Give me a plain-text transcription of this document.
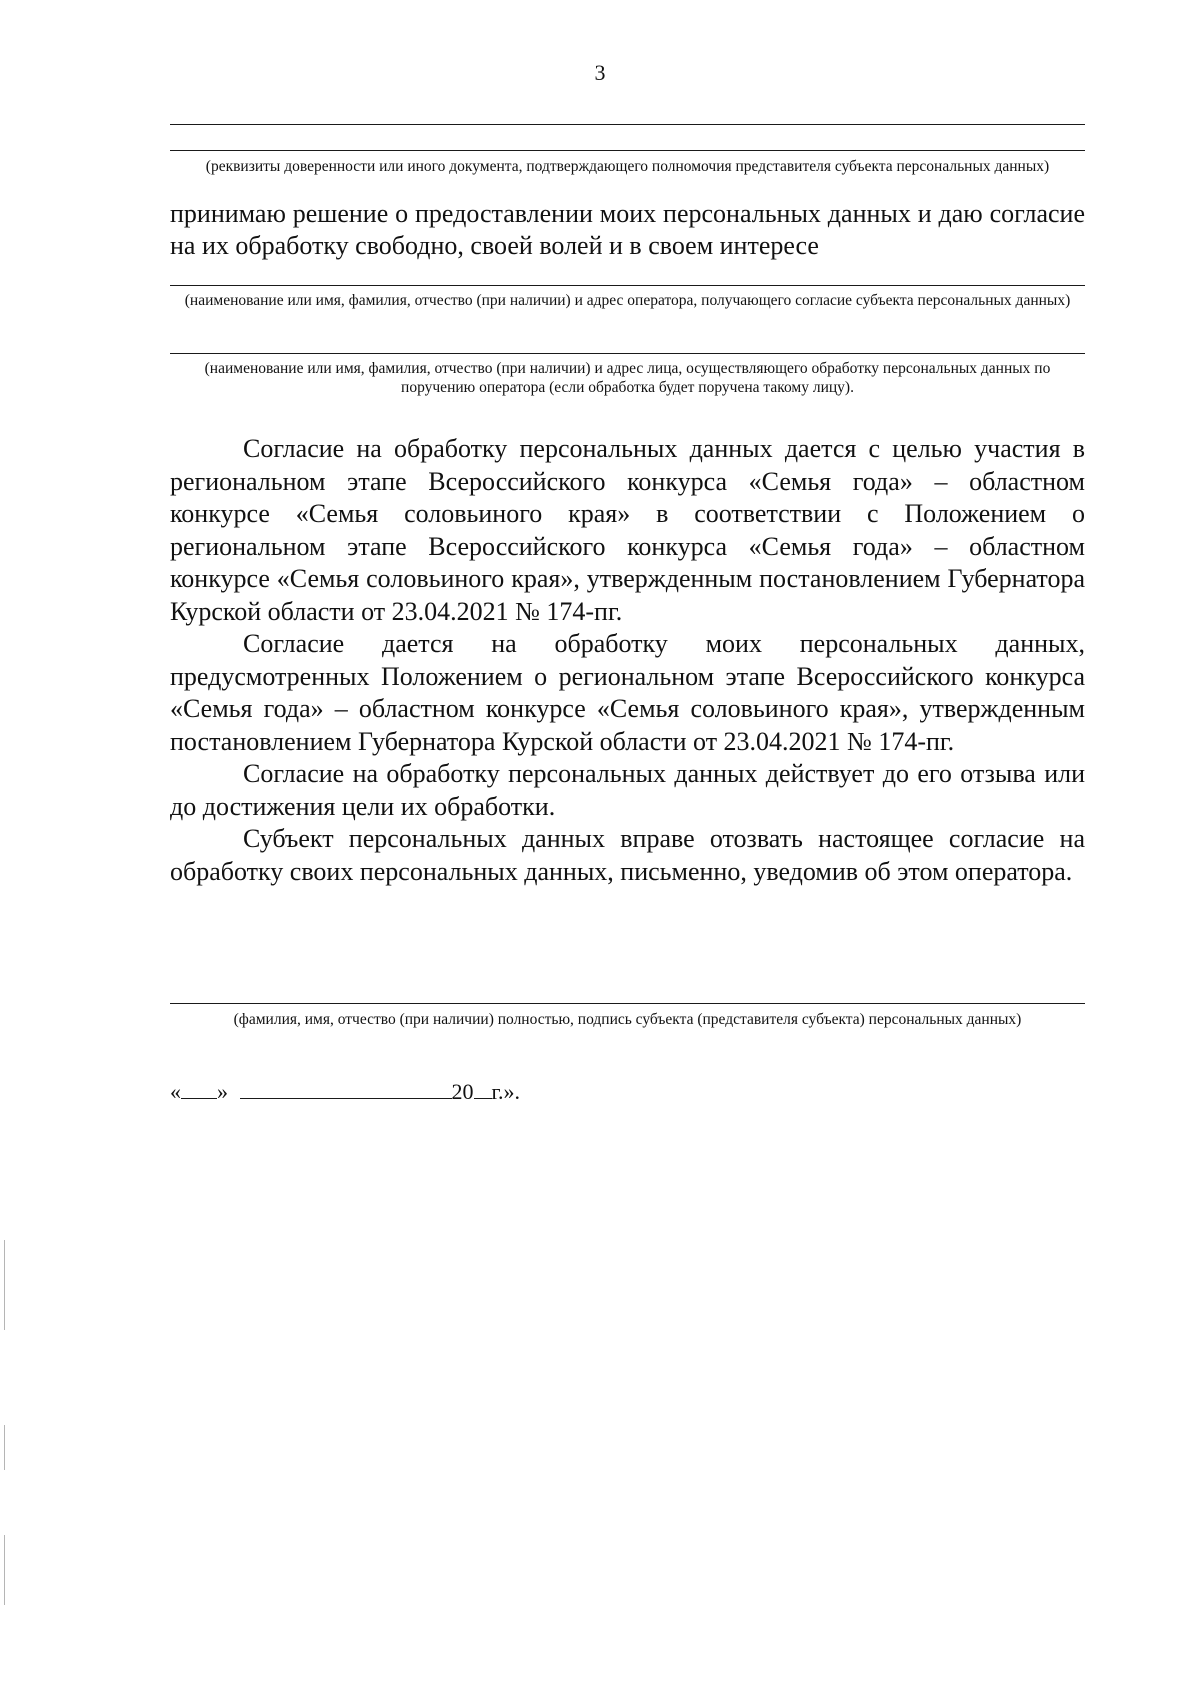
3
(реквизиты доверенности или иного документа, подтверждающего полномочия представителя субъекта персональных данных)
принимаю решение о предоставлении моих персональных данных и даю согласие на их обработку свободно, своей волей и в своем интересе
(наименование или имя, фамилия, отчество (при наличии) и адрес оператора, получающего согласие субъекта персональных данных)
(наименование или имя, фамилия, отчество (при наличии) и адрес лица, осуществляющего обработку персональных данных по поручению оператора (если обработка будет поручена такому лицу).

Согласие на обработку персональных данных дается с целью участия в региональном этапе Всероссийского конкурса «Семья года» – областном конкурсе «Семья соловьиного края» в соответствии с Положением о региональном этапе Всероссийского конкурса «Семья года» – областном конкурсе «Семья соловьиного края», утвержденным постановлением Губернатора Курской области от 23.04.2021 № 174-пг.

Согласие дается на обработку моих персональных данных, предусмотренных Положением о региональном этапе Всероссийского конкурса «Семья года» – областном конкурсе «Семья соловьиного края», утвержденным постановлением Губернатора Курской области от 23.04.2021 № 174-пг.

Согласие на обработку персональных данных действует до его отзыва или до достижения цели их обработки.

Субъект персональных данных вправе отозвать настоящее согласие на обработку своих персональных данных, письменно, уведомив об этом оператора.

(фамилия, имя, отчество (при наличии) полностью, подпись субъекта (представителя субъекта) персональных данных)
« »	20 г.».
